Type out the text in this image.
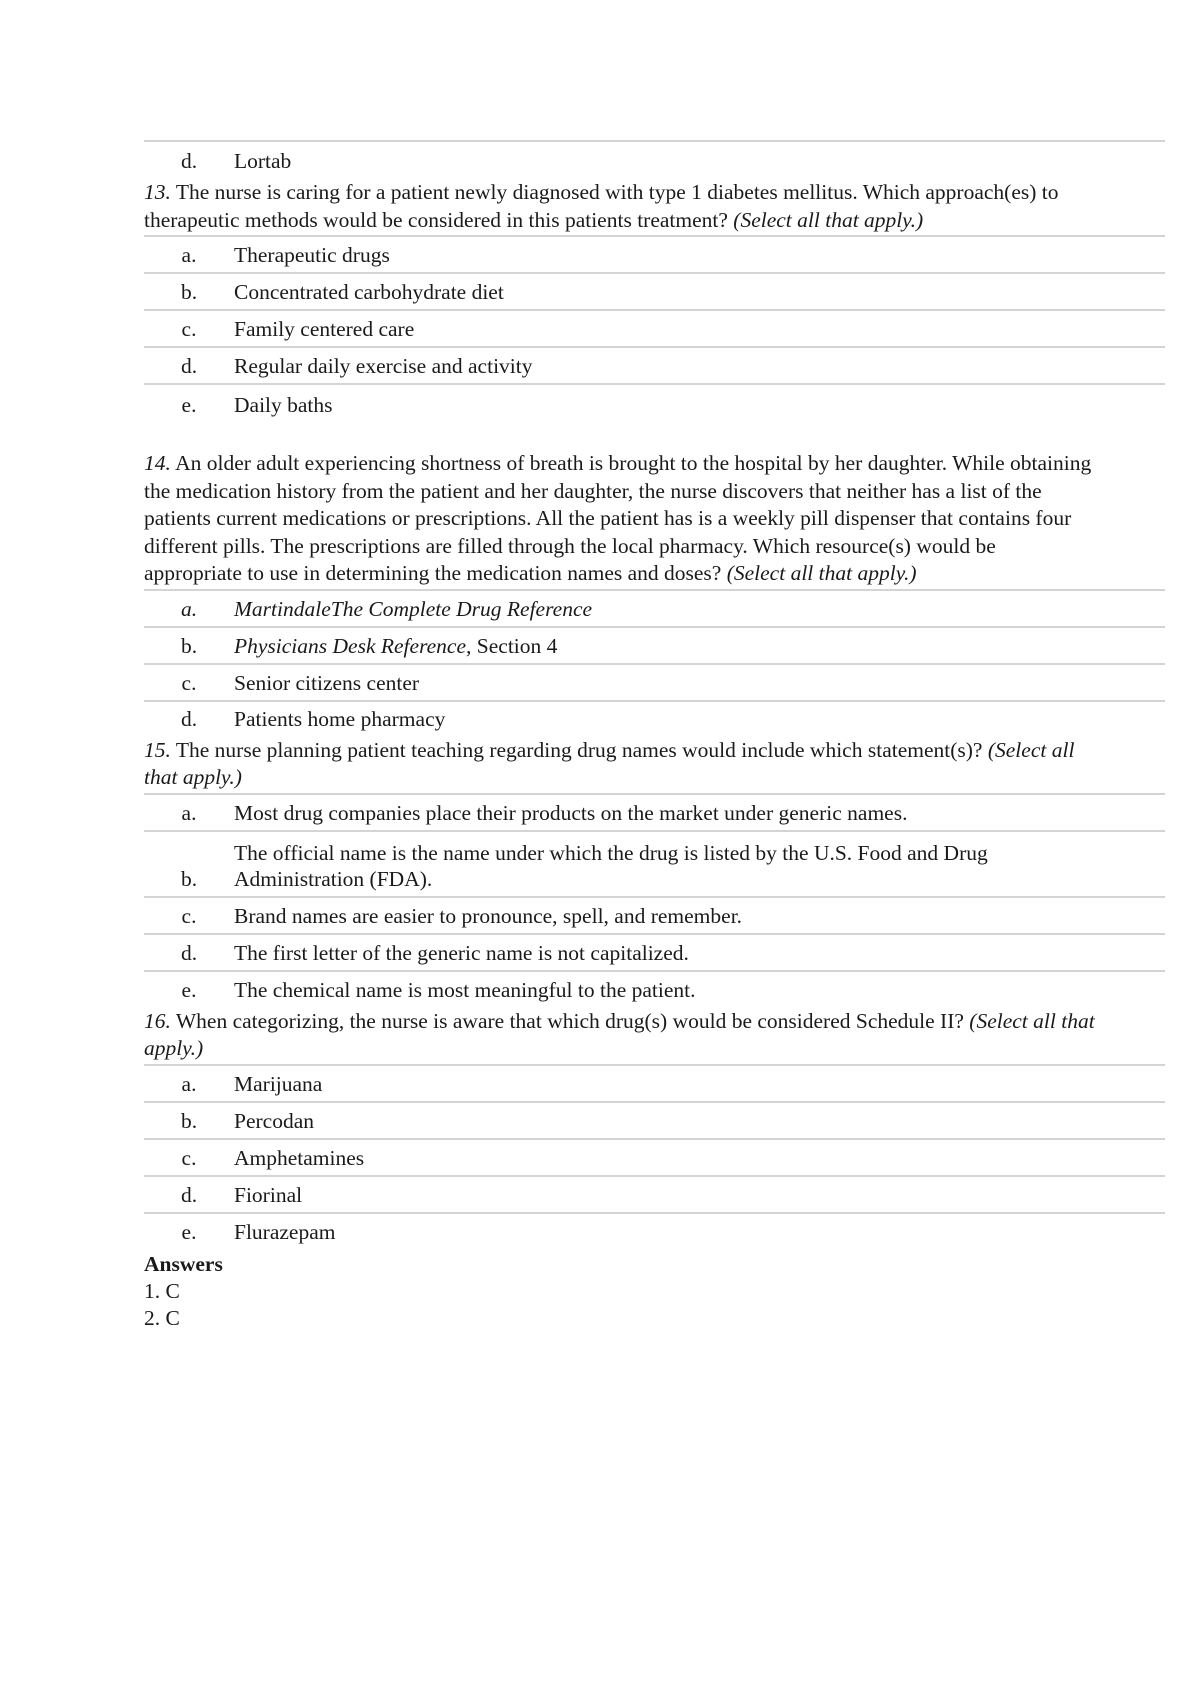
d.	Lortab
13. The nurse is caring for a patient newly diagnosed with type 1 diabetes mellitus. Which approach(es) to therapeutic methods would be considered in this patients treatment? (Select all that apply.)
a.	Therapeutic drugs
b.	Concentrated carbohydrate diet
c.	Family centered care
d.	Regular daily exercise and activity
e.	Daily baths
14. An older adult experiencing shortness of breath is brought to the hospital by her daughter. While obtaining the medication history from the patient and her daughter, the nurse discovers that neither has a list of the patients current medications or prescriptions. All the patient has is a weekly pill dispenser that contains four different pills. The prescriptions are filled through the local pharmacy. Which resource(s) would be appropriate to use in determining the medication names and doses? (Select all that apply.)
a.	MartindaleThe Complete Drug Reference
b.	Physicians Desk Reference, Section 4
c.	Senior citizens center
d.	Patients home pharmacy
15. The nurse planning patient teaching regarding drug names would include which statement(s)? (Select all that apply.)
a.	Most drug companies place their products on the market under generic names.
b.
The official name is the name under which the drug is listed by the U.S. Food and Drug Administration (FDA).
c.	Brand names are easier to pronounce, spell, and remember.
d.	The first letter of the generic name is not capitalized.
e.	The chemical name is most meaningful to the patient.
16. When categorizing, the nurse is aware that which drug(s) would be considered Schedule II? (Select all that apply.)
a.	Marijuana
b.	Percodan
c.	Amphetamines
d.	Fiorinal
e.	Flurazepam
Answers
1. C
2. C
